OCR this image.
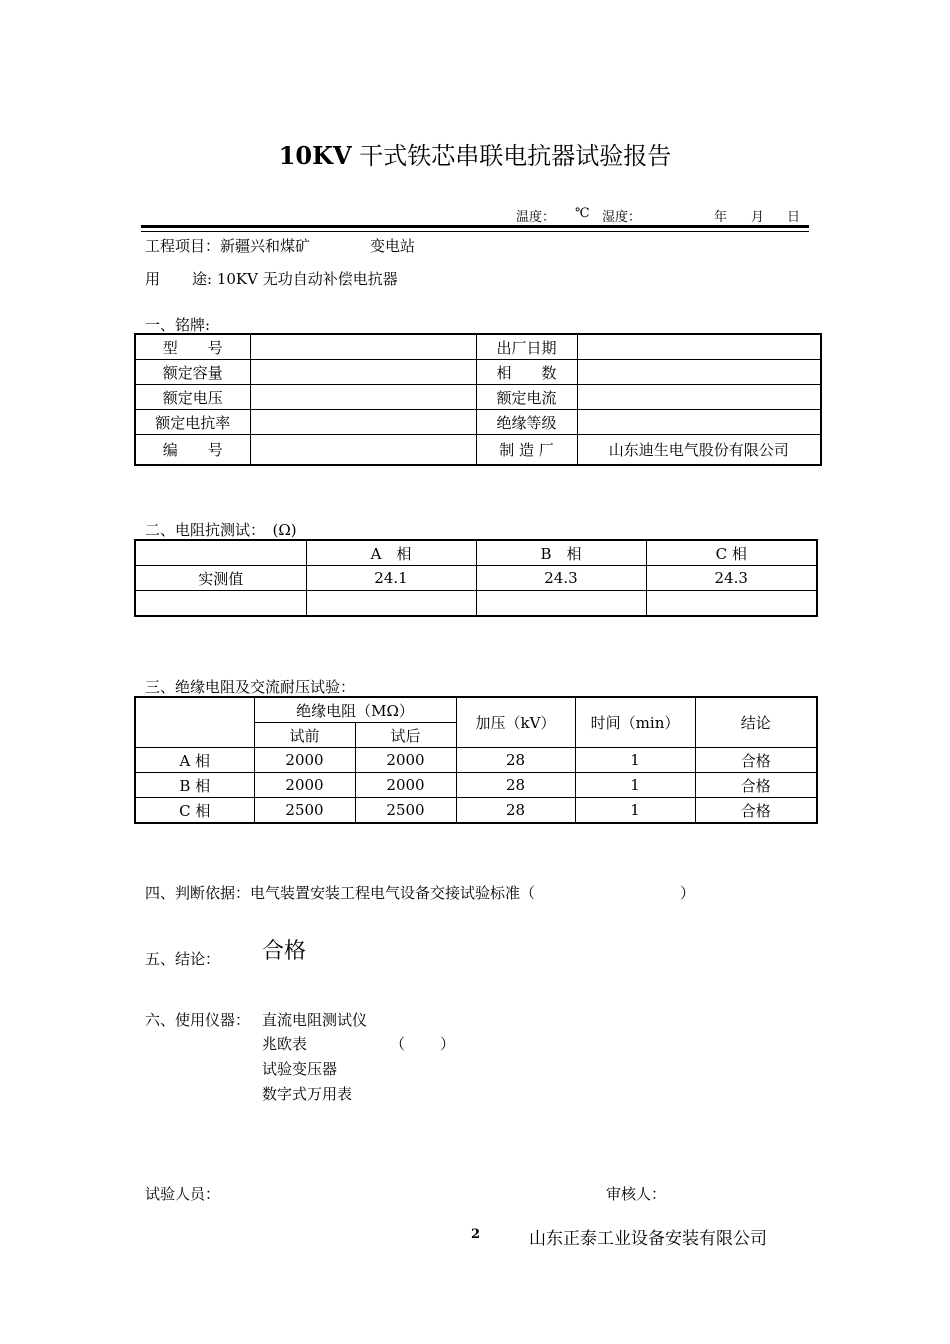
10KV 干式铁芯串联电抗器试验报告
温度： ℃ 湿度：	年 月 日
工程项目：新疆兴和煤矿	变电站
用 途: 10KV 无功自动补偿电抗器
一、铭牌:
型　　号		出厂日期	
额定容量		相　　数	
额定电压		额定电流	
额定电抗率		绝缘等级	
编　　号		制 造 厂	山东迪生电气股份有限公司
二、电阻抗测试：　(Ω)
	A　相	B　相	C 相
实测值	24.1	24.3	24.3

三、绝缘电阻及交流耐压试验：
	绝缘电阻（MΩ）		加压（kV）	时间（min）	结论
	试前	试后			
A 相	2000	2000	28	1	合格
B 相	2000	2000	28	1	合格
C 相	2500	2500	28	1	合格
四、判断依据：电气装置安装工程电气设备交接试验标准（	）
五、结论： 合格
六、使用仪器： 直流电阻测试仪
兆欧表	（ ）
试验变压器
数字式万用表
试验人员：	审核人：
2	山东正泰工业设备安装有限公司
